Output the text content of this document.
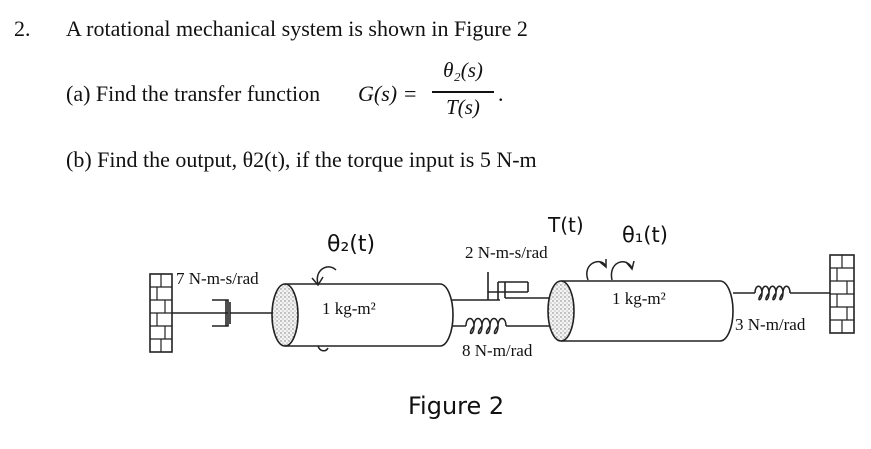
2. A rotational mechanical system is shown in Figure 2
(a) Find the transfer function G(s) =
θ₂(s)
T(s)
.
(b) Find the output, θ2(t), if the torque input is 5 N-m
7 N-m-s/rad
1 kg-m²
2 N-m-s/rad
8 N-m/rad
1 kg-m²
3 N-m/rad
θ₂(t)
T(t) θ₁(t)
Figure 2
